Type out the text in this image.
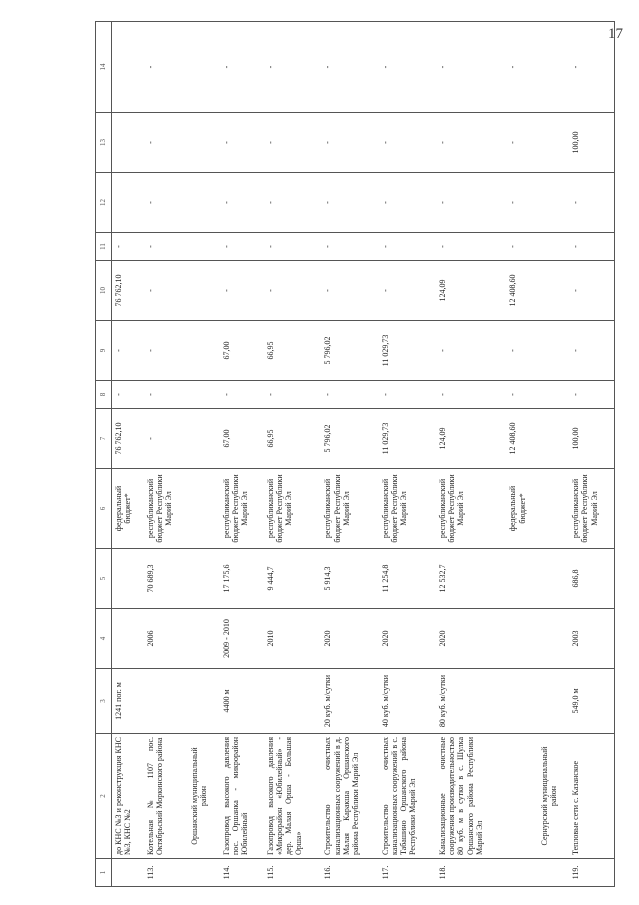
17
1	2	3	4	5	6	7	8	9	10	11	12	13	14
	до КНС №3 и реконструкция КНС №3, КНС №2	1241 пог. м			федеральный бюджет*	76 762,10	-	-	76 762,10	-			
113.	Котельная № 1107 пос. Октябрьский Моркинского района		2006	70 689,3	республиканский бюджет Республики Марий Эл	-	-	-	-	-	-	-	-
	Оршанский муниципальный район												
114.	Газопровод высокого давления пос. Оршанка - микрорайон Юбилейный	4400 м	2009 - 2010	17 175,6	республиканский бюджет Республики Марий Эл	67,00	-	67,00	-	-	-	-	-
115.	Газопровод высокого давления «Микрорайон «Юбилейный» - дер. Малая Орша - Большая Орша»		2010	9 444,7	республиканский бюджет Республики Марий Эл	66,95	-	66,95	-	-	-	-	-
116.	Строительство очистных канализационных сооружений в д. Малая Каракша Оршанского района Республики Марий Эл	20 куб. м/сутки	2020	5 914,3	республиканский бюджет Республики Марий Эл	5 796,02	-	5 796,02	-	-	-	-	-
117.	Строительство очистных канализационных сооружений в с. Табашино Оршанского района Республики Марий Эл	40 куб. м/сутки	2020	11 254,8	республиканский бюджет Республики Марий Эл	11 029,73	-	11 029,73	-	-	-	-	-
118.	Канализационные очистные сооружения производительностью 80 куб. м в сутки в с. Шулка Оршанского района Республики Марий Эл	80 куб. м/сутки	2020	12 532,7	республиканский бюджет Республики Марий Эл	124,09	-	-	124,09	-	-	-	-
					федеральный бюджет*	12 408,60	-	-	12 408,60	-	-	-	-
	Сернурский муниципальный район												
119.	Тепловые сети с. Казанское	549,0 м	2003	686,8	республиканский бюджет Республики Марий Эл	100,00	-	-	-	-	-	100,00	-
